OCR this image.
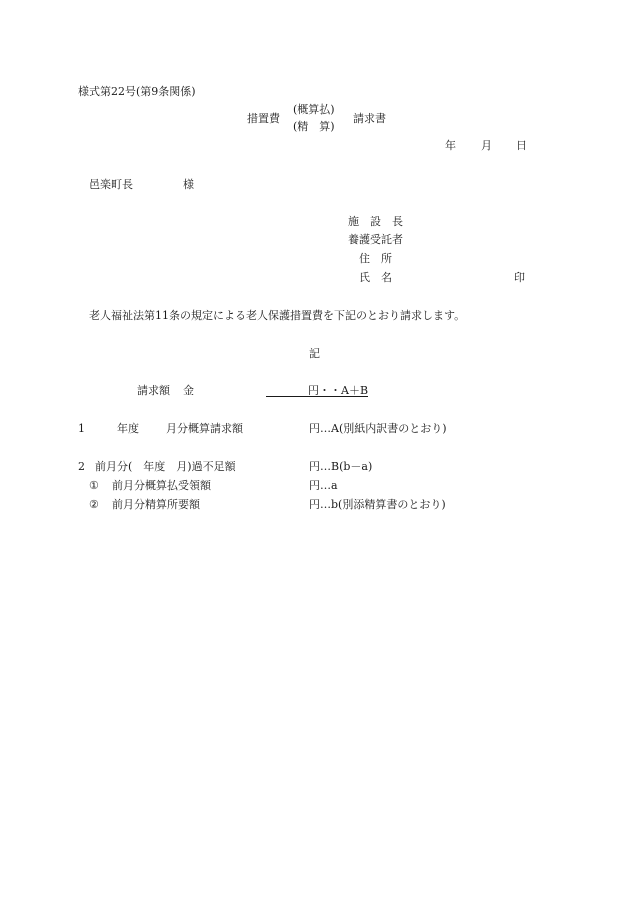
様式第22号(第9条関係)
措置費
(概算払)
(精　算)
請求書
年 月 日
邑楽町長	様
施　設　長
養護受託者
住　所
氏　名	印
老人福祉法第11条の規定による老人保護措置費を下記のとおり請求します。
記
請求額 金	円・・A＋B
1	年度 月分概算請求額	円…A(別紙内訳書のとおり)
2 前月分(　年度　月)過不足額	円…B(b－a)
① 前月分概算払受領額	円…a
② 前月分精算所要額	円…b(別添精算書のとおり)
